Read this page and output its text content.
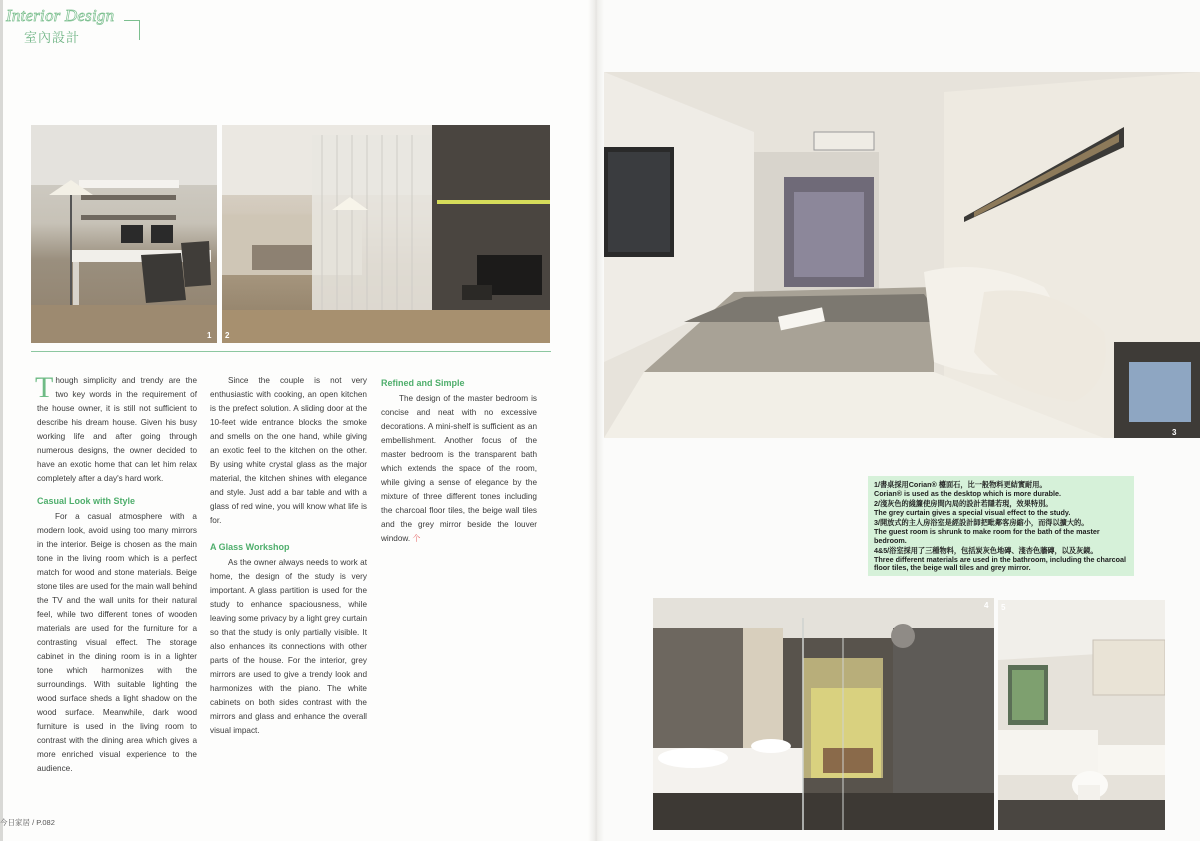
Interior Design
室內設計
1 2

Though simplicity and trendy are the two key words in the requirement of the house owner, it is still not sufficient to describe his dream house. Given his busy working life and after going through numerous designs, the owner decided to have an exotic home that can let him relax completely after a day's hard work.

Casual Look with Style

For a casual atmosphere with a modern look, avoid using too many mirrors in the interior. Beige is chosen as the main tone in the living room which is a perfect match for wood and stone materials. Beige stone tiles are used for the main wall behind the TV and the wall units for their natural feel, while two different tones of wooden materials are used for the furniture for a contrasting visual effect. The storage cabinet in the dining room is in a lighter tone which harmonizes with the surroundings. With suitable lighting the wood surface sheds a light shadow on the wood surface. Meanwhile, dark wood furniture is used in the living room to contrast with the dining area which gives a more enriched visual experience to the audience.

Since the couple is not very enthusiastic with cooking, an open kitchen is the prefect solution. A sliding door at the 10-feet wide entrance blocks the smoke and smells on the one hand, while giving an exotic feel to the kitchen on the other. By using white crystal glass as the major material, the kitchen shines with elegance and style. Just add a bar table and with a glass of red wine, you will know what life is for.

A Glass Workshop

As the owner always needs to work at home, the design of the study is very important. A glass partition is used for the study to enhance spaciousness, while leaving some privacy by a light grey curtain so that the study is only partially visible. It also enhances its connections with other parts of the house. For the interior, grey mirrors are used to give a trendy look and harmonizes with the piano. The white cabinets on both sides contrast with the mirrors and glass and enhance the overall visual impact.

Refined and Simple

The design of the master bedroom is concise and neat with no excessive decorations. A mini-shelf is sufficient as an embellishment. Another focus of the master bedroom is the transparent bath which extends the space of the room, while giving a sense of elegance by the mixture of three different tones including the charcoal floor tiles, the beige wall tiles and the grey mirror beside the louver window. 个

3
1/書桌採用Corian® 檯面石，比一般物料更結實耐用。
Corian® is used as the desktop which is more durable.
2/淺灰色的綫簾使房間內局的設計若隱若現，效果特別。
The grey curtain gives a special visual effect to the study.
3/開放式的主人房浴室是經設計師把毗鄰客房縮小，而得以擴大的。
The guest room is shrunk to make room for the bath of the master bedroom.
4&5/浴室採用了三種物料，包括炭灰色地磚、淺杏色牆磚，以及灰鏡。
Three different materials are used in the bathroom, including the charcoal floor tiles, the beige wall tiles and grey mirror.
4 5
今日家居 / P.082
